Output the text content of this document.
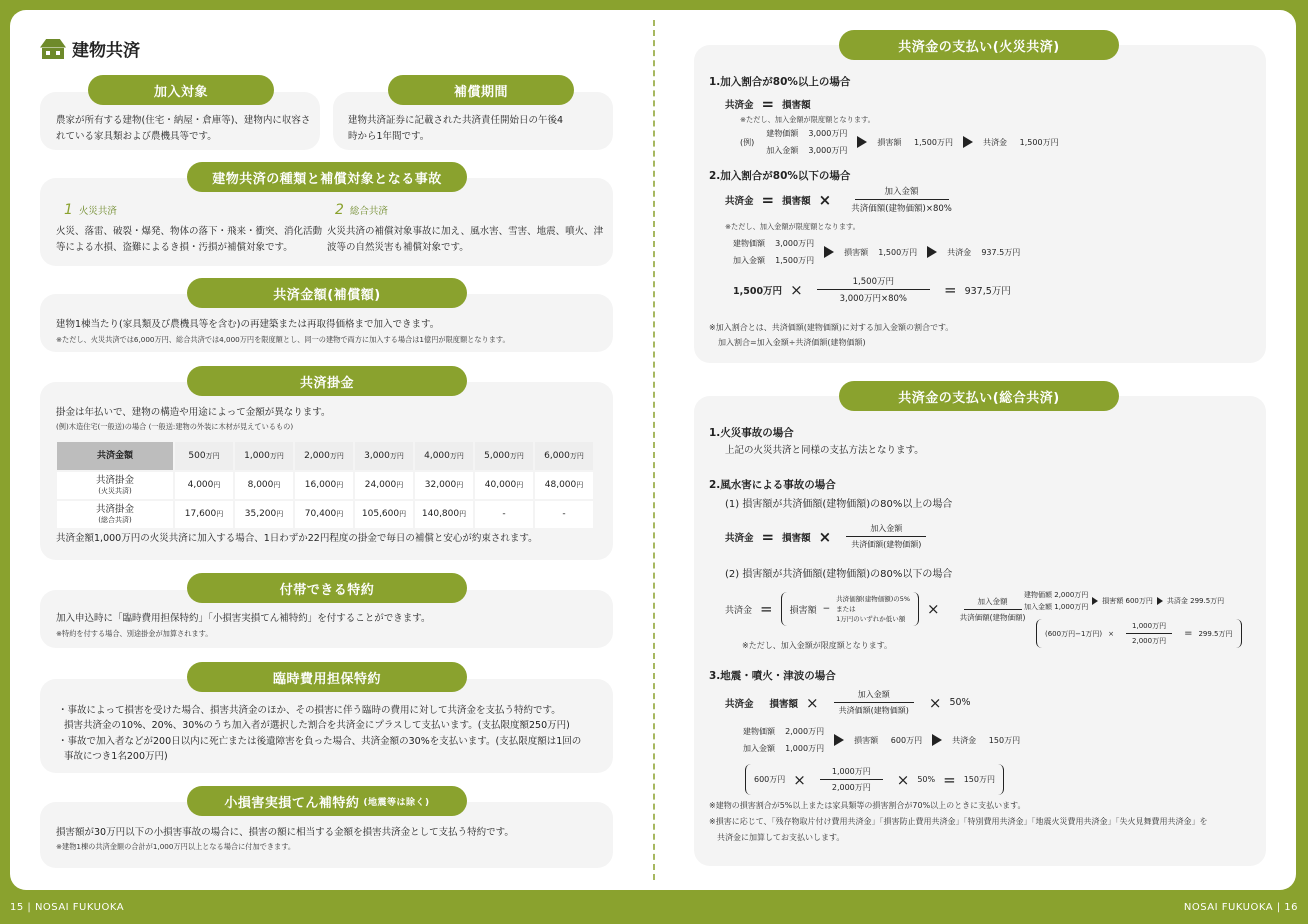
15 | NOSAI FUKUOKA	NOSAI FUKUOKA | 16
建物共済
加入対象
農家が所有する建物(住宅・納屋・倉庫等)、建物内に収容さ
れている家具類および農機具等です。
補償期間
建物共済証券に記載された共済責任開始日の午後4
時から1年間です。
建物共済の種類と補償対象となる事故
1 火災共済
火災、落雷、破裂・爆発、物体の落下・飛来・衝突、消化活動
等による水損、盗難によるき損・汚損が補償対象です。
2 総合共済
火災共済の補償対象事故に加え、風水害、雪害、地震、噴火、津
波等の自然災害も補償対象です。
共済金額(補償額)
建物1棟当たり(家具類及び農機具等を含む)の再建築または再取得価格まで加入できます。
※ただし、火災共済では6,000万円、総合共済では4,000万円を限度額とし、同一の建物で両方に加入する場合は1億円が限度額となります。
共済掛金
掛金は年払いで、建物の構造や用途によって金額が異なります。
(例)木造住宅(一般送)の場合 (一般送:建物の外装に木材が見えているもの)
共済金額	500万円	1,000万円	2,000万円	3,000万円	4,000万円	5,000万円	6,000万円
共済掛金
(火災共済)	4,000円	8,000円	16,000円	24,000円	32,000円	40,000円	48,000円
共済掛金
(総合共済)	17,600円	35,200円	70,400円	105,600円	140,800円	-	-
共済金額1,000万円の火災共済に加入する場合、1日わずか22円程度の掛金で毎日の補償と安心が約束されます。
付帯できる特約
加入申込時に「臨時費用担保特約」「小損害実損てん補特約」を付することができます。
※特約を付する場合、別途掛金が加算されます。
臨時費用担保特約
・事故によって損害を受けた場合、損害共済金のほか、その損害に伴う臨時の費用に対して共済金を支払う特約です。
損害共済金の10%、20%、30%のうち加入者が選択した割合を共済金にプラスして支払います。(支払限度額250万円)
・事故で加入者などが200日以内に死亡または後遺障害を負った場合、共済金額の30%を支払います。(支払限度額は1回の
事故につき1名200万円)
小損害実損てん補特約 (地震等は除く)
損害額が30万円以下の小損害事故の場合に、損害の額に相当する金額を損害共済金として支払う特約です。
※建物1棟の共済金額の合計が1,000万円以上となる場合に付加できます。
共済金の支払い(火災共済)
1.加入割合が80%以上の場合
共済金 = 損害額
※ただし、加入金額が限度額となります。
(例)
建物価額 3,000万円
加入金額 3,000万円
損害額
1,500万円	共済金
1,500万円
2.加入割合が80%以下の場合
共済金 = 損害額 × $\frac{\text{加入金額}}{\text{共済価額(建物価額)×80\%}}$
※ただし、加入金額が限度額となります。
建物価額 3,000万円
加入金額 1,500万円
損害額
1,500万円	共済金
937.5万円
1,500万円 × $\frac{\text{1,500万円}}{\text{3,000万円×80\%}} = 937,5$万円
※加入割合とは、共済価額(建物価額)に対する加入金額の割合です。
加入割合=加入金額÷共済価額(建物価額)
共済金の支払い(総合共済)
1.火災事故の場合
上記の火災共済と同様の支払方法となります。
2.風水害による事故の場合
(1) 損害額が共済価額(建物価額)の80%以上の場合
共済金 = 損害額 × $\frac{\text{加入金額}}{\text{共済価額(建物価額)}}$
(2) 損害額が共済価額(建物価額)の80%以下の場合
共済金 = 損害額 −
共済価額(建物価額)の5%
または
1万円のいずれか低い額
× $\frac{\text{加入金額}}{\text{共済価額(建物価額)}}$
建物価額 2,000万円
加入金額 1,000万円
損害額
600万円 共済金
299.5万円
(600万円−1万円) × $\frac{\text{1,000万円}}{\text{2,000万円}} = 299.5$万円
※ただし、加入金額が限度額となります。
3.地震・噴火・津波の場合
共済金 損害額 × $\frac{\text{加入金額}}{\text{共済価額(建物価額)}} \times 50\%$
建物価額 2,000万円
加入金額 1,000万円
損害額
600万円	共済金
150万円
600万円 × $\frac{\text{1,000万円}}{\text{2,000万円}} \times 50\% = 150$万円
※建物の損害割合が5%以上または家具類等の損害割合が70%以上のときに支払います。
※損害に応じて、「残存物取片付け費用共済金」「損害防止費用共済金」「特別費用共済金」「地震火災費用共済金」「失火見舞費用共済金」を
共済金に加算してお支払いします。
